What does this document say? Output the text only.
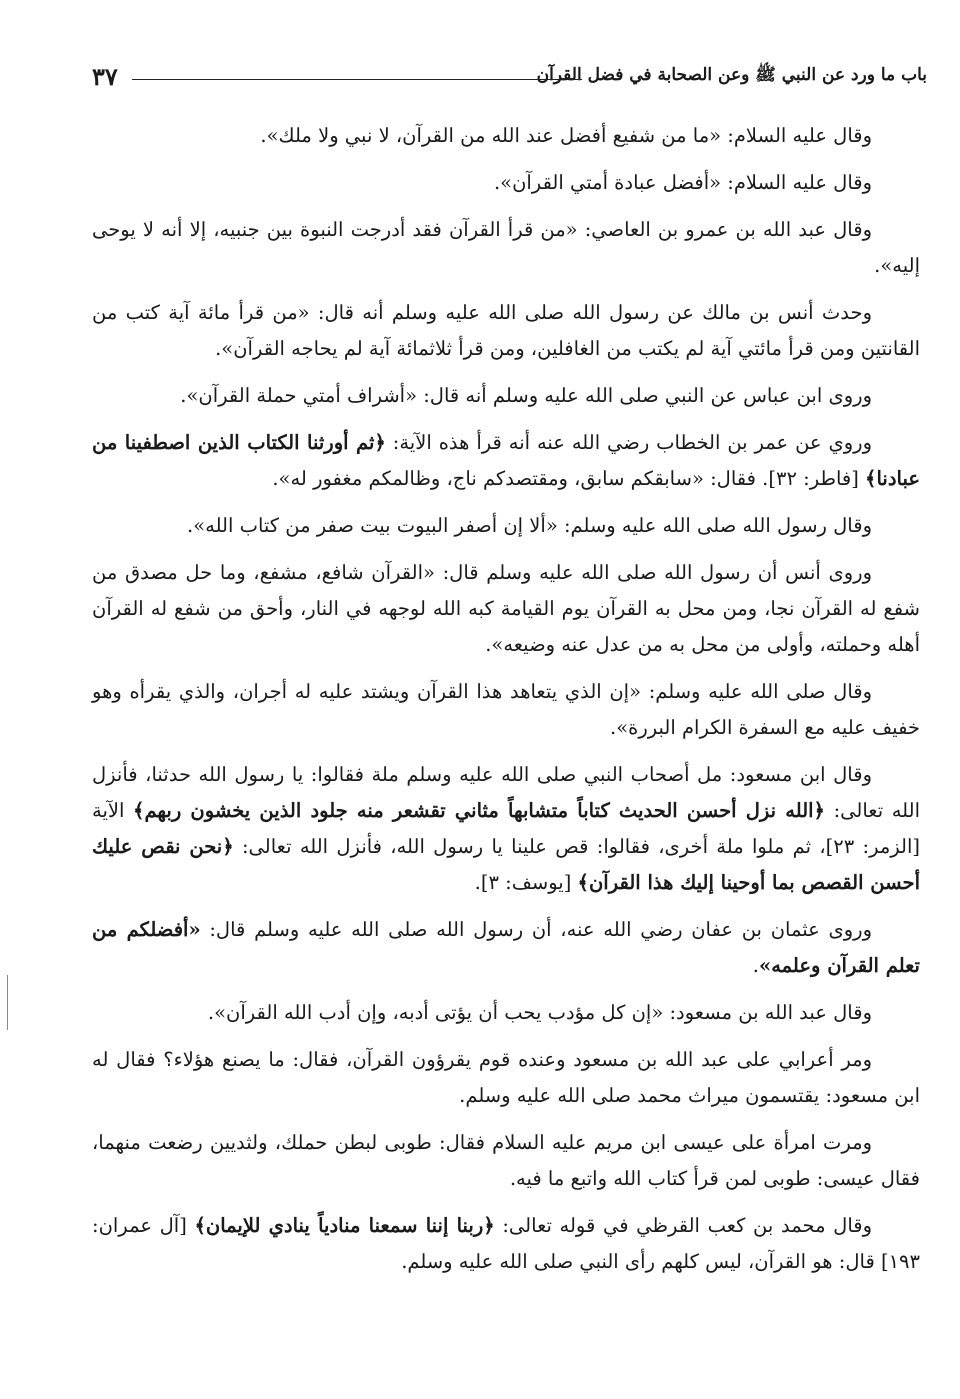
باب ما ورد عن النبي ﷺ وعن الصحابة في فضل القرآن
٣٧

وقال عليه السلام: «ما من شفيع أفضل عند الله من القرآن، لا نبي ولا ملك».

وقال عليه السلام: «أفضل عبادة أمتي القرآن».

وقال عبد الله بن عمرو بن العاصي: «من قرأ القرآن فقد أدرجت النبوة بين جنبيه، إلا أنه لا يوحى إليه».

وحدث أنس بن مالك عن رسول الله صلى الله عليه وسلم أنه قال: «من قرأ مائة آية كتب من القانتين ومن قرأ مائتي آية لم يكتب من الغافلين، ومن قرأ ثلاثمائة آية لم يحاجه القرآن».

وروى ابن عباس عن النبي صلى الله عليه وسلم أنه قال: «أشراف أمتي حملة القرآن».

وروي عن عمر بن الخطاب رضي الله عنه أنه قرأ هذه الآية: ﴿ثم أورثنا الكتاب الذين اصطفينا من عبادنا﴾ [فاطر: ٣٢]. فقال: «سابقكم سابق، ومقتصدكم ناج، وظالمكم مغفور له».

وقال رسول الله صلى الله عليه وسلم: «ألا إن أصفر البيوت بيت صفر من كتاب الله».

وروى أنس أن رسول الله صلى الله عليه وسلم قال: «القرآن شافع، مشفع، وما حل مصدق من شفع له القرآن نجا، ومن محل به القرآن يوم القيامة كبه الله لوجهه في النار، وأحق من شفع له القرآن أهله وحملته، وأولى من محل به من عدل عنه وضيعه».

وقال صلى الله عليه وسلم: «إن الذي يتعاهد هذا القرآن ويشتد عليه له أجران، والذي يقرأه وهو خفيف عليه مع السفرة الكرام البررة».

وقال ابن مسعود: مل أصحاب النبي صلى الله عليه وسلم ملة فقالوا: يا رسول الله حدثنا، فأنزل الله تعالى: ﴿الله نزل أحسن الحديث كتاباً متشابهاً مثاني تقشعر منه جلود الذين يخشون ربهم﴾ الآية [الزمر: ٢٣]، ثم ملوا ملة أخرى، فقالوا: قص علينا يا رسول الله، فأنزل الله تعالى: ﴿نحن نقص عليك أحسن القصص بما أوحينا إليك هذا القرآن﴾ [يوسف: ٣].

وروى عثمان بن عفان رضي الله عنه، أن رسول الله صلى الله عليه وسلم قال: «أفضلكم من تعلم القرآن وعلمه».

وقال عبد الله بن مسعود: «إن كل مؤدب يحب أن يؤتى أدبه، وإن أدب الله القرآن».

ومر أعرابي على عبد الله بن مسعود وعنده قوم يقرؤون القرآن، فقال: ما يصنع هؤلاء؟ فقال له ابن مسعود: يقتسمون ميراث محمد صلى الله عليه وسلم.

ومرت امرأة على عيسى ابن مريم عليه السلام فقال: طوبى لبطن حملك، ولثديين رضعت منهما، فقال عيسى: طوبى لمن قرأ كتاب الله واتبع ما فيه.

وقال محمد بن كعب القرظي في قوله تعالى: ﴿ربنا إننا سمعنا منادياً ينادي للإيمان﴾ [آل عمران: ١٩٣] قال: هو القرآن، ليس كلهم رأى النبي صلى الله عليه وسلم.
